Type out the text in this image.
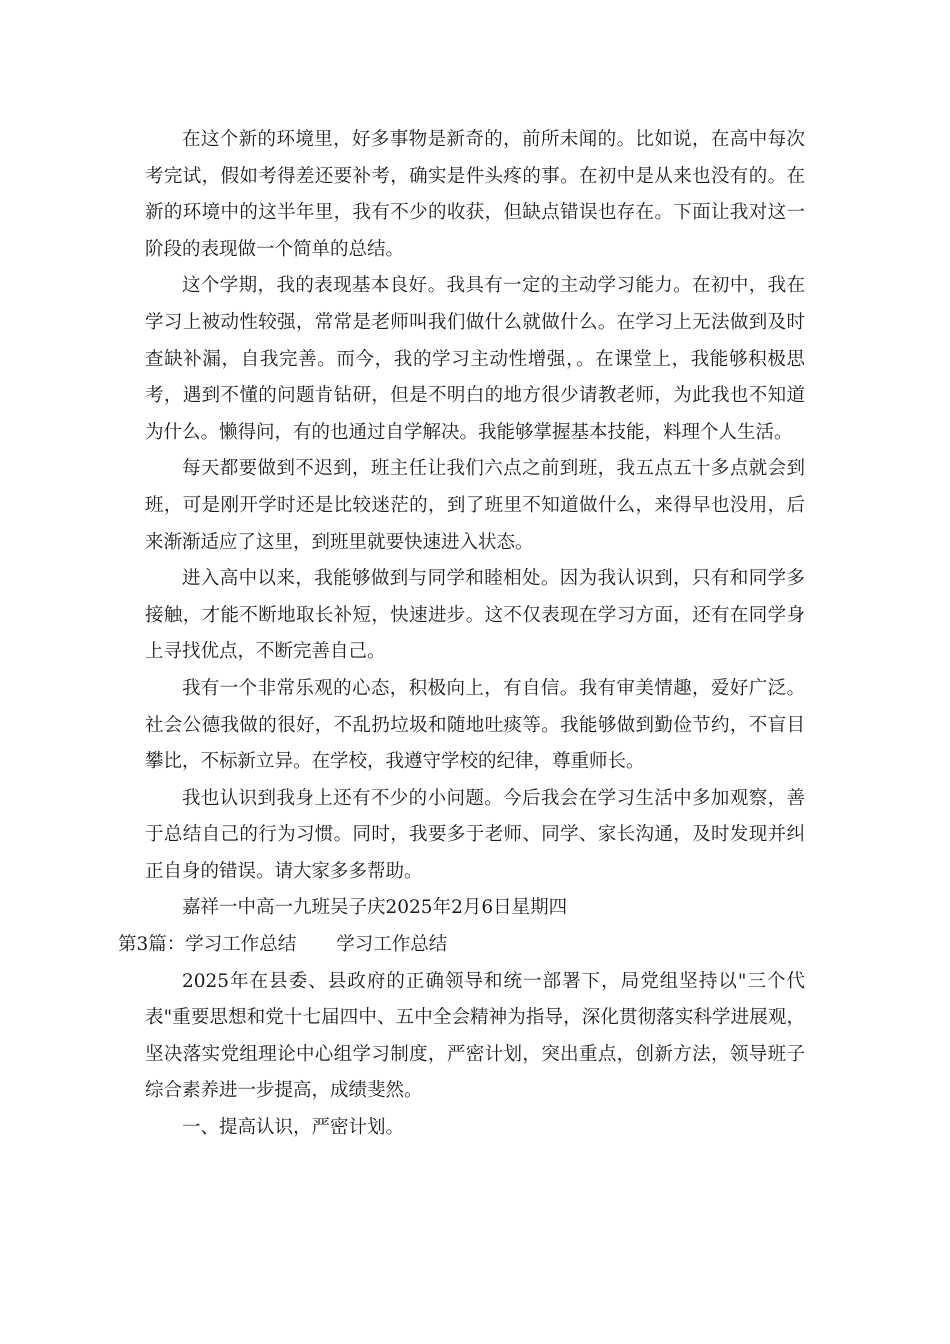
在这个新的环境里，好多事物是新奇的，前所未闻的。比如说，在高中每次考完试，假如考得差还要补考，确实是件头疼的事。在初中是从来也没有的。在新的环境中的这半年里，我有不少的收获，但缺点错误也存在。下面让我对这一阶段的表现做一个简单的总结。

这个学期，我的表现基本良好。我具有一定的主动学习能力。在初中，我在学习上被动性较强，常常是老师叫我们做什么就做什么。在学习上无法做到及时查缺补漏，自我完善。而今，我的学习主动性增强，。在课堂上，我能够积极思考，遇到不懂的问题肯钻研，但是不明白的地方很少请教老师，为此我也不知道为什么。懒得问，有的也通过自学解决。我能够掌握基本技能，料理个人生活。

每天都要做到不迟到，班主任让我们六点之前到班，我五点五十多点就会到班，可是刚开学时还是比较迷茫的，到了班里不知道做什么，来得早也没用，后来渐渐适应了这里，到班里就要快速进入状态。

进入高中以来，我能够做到与同学和睦相处。因为我认识到，只有和同学多接触，才能不断地取长补短，快速进步。这不仅表现在学习方面，还有在同学身上寻找优点，不断完善自己。

我有一个非常乐观的心态，积极向上，有自信。我有审美情趣，爱好广泛。社会公德我做的很好，不乱扔垃圾和随地吐痰等。我能够做到勤俭节约，不盲目攀比，不标新立异。在学校，我遵守学校的纪律，尊重师长。

我也认识到我身上还有不少的小问题。今后我会在学习生活中多加观察，善于总结自己的行为习惯。同时，我要多于老师、同学、家长沟通，及时发现并纠正自身的错误。请大家多多帮助。

嘉祥一中高一九班吴子庆2025年2月6日星期四

第3篇：学习工作总结 学习工作总结

2025年在县委、县政府的正确领导和统一部署下，局党组坚持以"三个代表"重要思想和党十七届四中、五中全会精神为指导，深化贯彻落实科学进展观，坚决落实党组理论中心组学习制度，严密计划，突出重点，创新方法，领导班子综合素养进一步提高，成绩斐然。

一、提高认识，严密计划。
